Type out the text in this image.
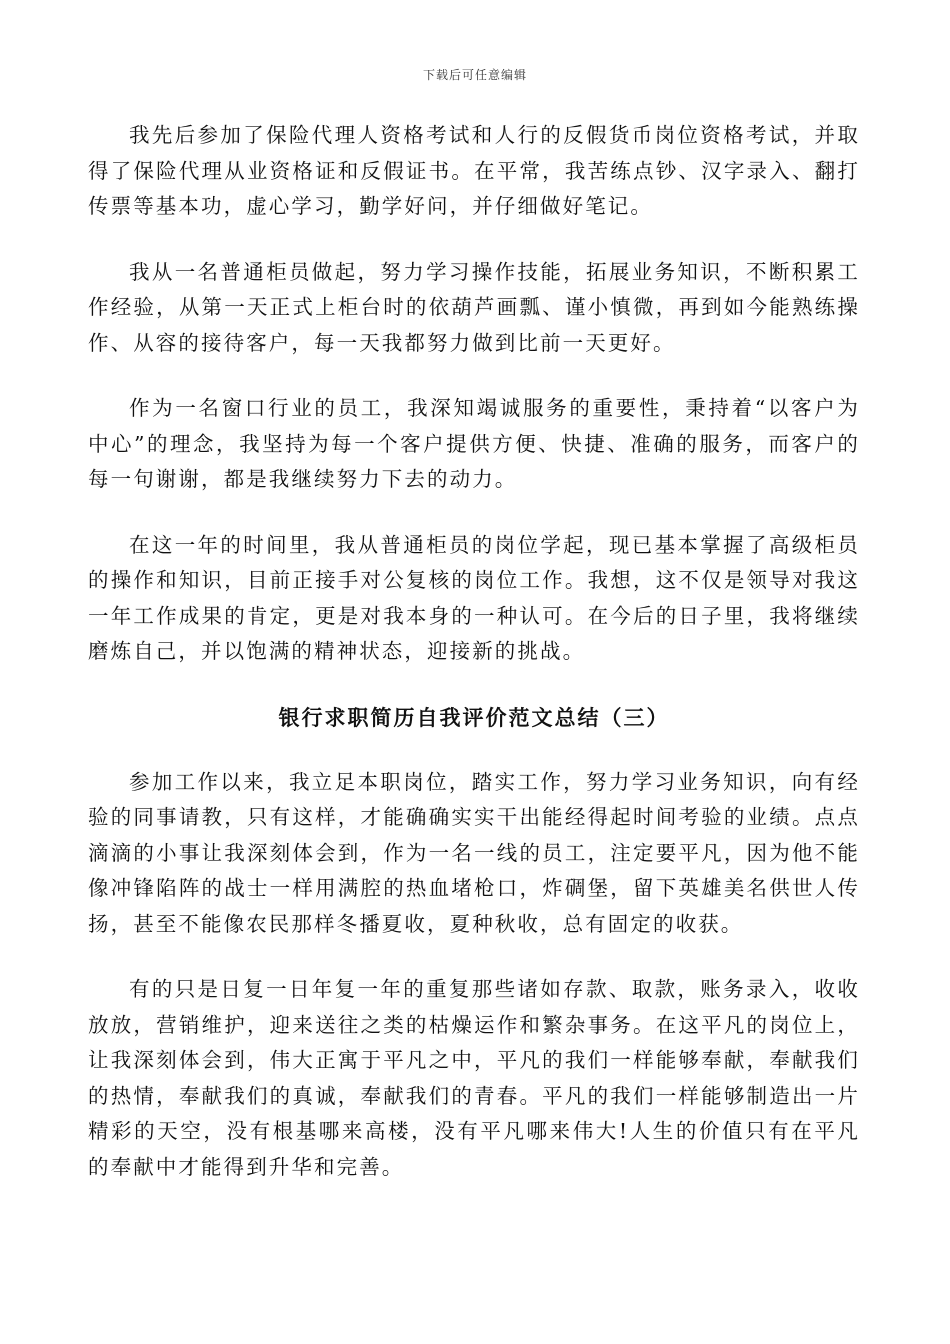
下载后可任意编辑

我先后参加了保险代理人资格考试和人行的反假货币岗位资格考试，并取得了保险代理从业资格证和反假证书。在平常，我苦练点钞、汉字录入、翻打传票等基本功，虚心学习，勤学好问，并仔细做好笔记。

我从一名普通柜员做起，努力学习操作技能，拓展业务知识，不断积累工作经验，从第一天正式上柜台时的依葫芦画瓢、谨小慎微，再到如今能熟练操作、从容的接待客户，每一天我都努力做到比前一天更好。

作为一名窗口行业的员工，我深知竭诚服务的重要性，秉持着“以客户为中心”的理念，我坚持为每一个客户提供方便、快捷、准确的服务，而客户的每一句谢谢，都是我继续努力下去的动力。

在这一年的时间里，我从普通柜员的岗位学起，现已基本掌握了高级柜员的操作和知识，目前正接手对公复核的岗位工作。我想，这不仅是领导对我这一年工作成果的肯定，更是对我本身的一种认可。在今后的日子里，我将继续磨炼自己，并以饱满的精神状态，迎接新的挑战。

银行求职简历自我评价范文总结（三）

参加工作以来，我立足本职岗位，踏实工作，努力学习业务知识，向有经验的同事请教，只有这样，才能确确实实干出能经得起时间考验的业绩。点点滴滴的小事让我深刻体会到，作为一名一线的员工，注定要平凡，因为他不能像冲锋陷阵的战士一样用满腔的热血堵枪口，炸碉堡，留下英雄美名供世人传扬，甚至不能像农民那样冬播夏收，夏种秋收，总有固定的收获。

有的只是日复一日年复一年的重复那些诸如存款、取款，账务录入，收收放放，营销维护，迎来送往之类的枯燥运作和繁杂事务。在这平凡的岗位上，让我深刻体会到，伟大正寓于平凡之中，平凡的我们一样能够奉献，奉献我们的热情，奉献我们的真诚，奉献我们的青春。平凡的我们一样能够制造出一片精彩的天空，没有根基哪来高楼，没有平凡哪来伟大!人生的价值只有在平凡的奉献中才能得到升华和完善。
